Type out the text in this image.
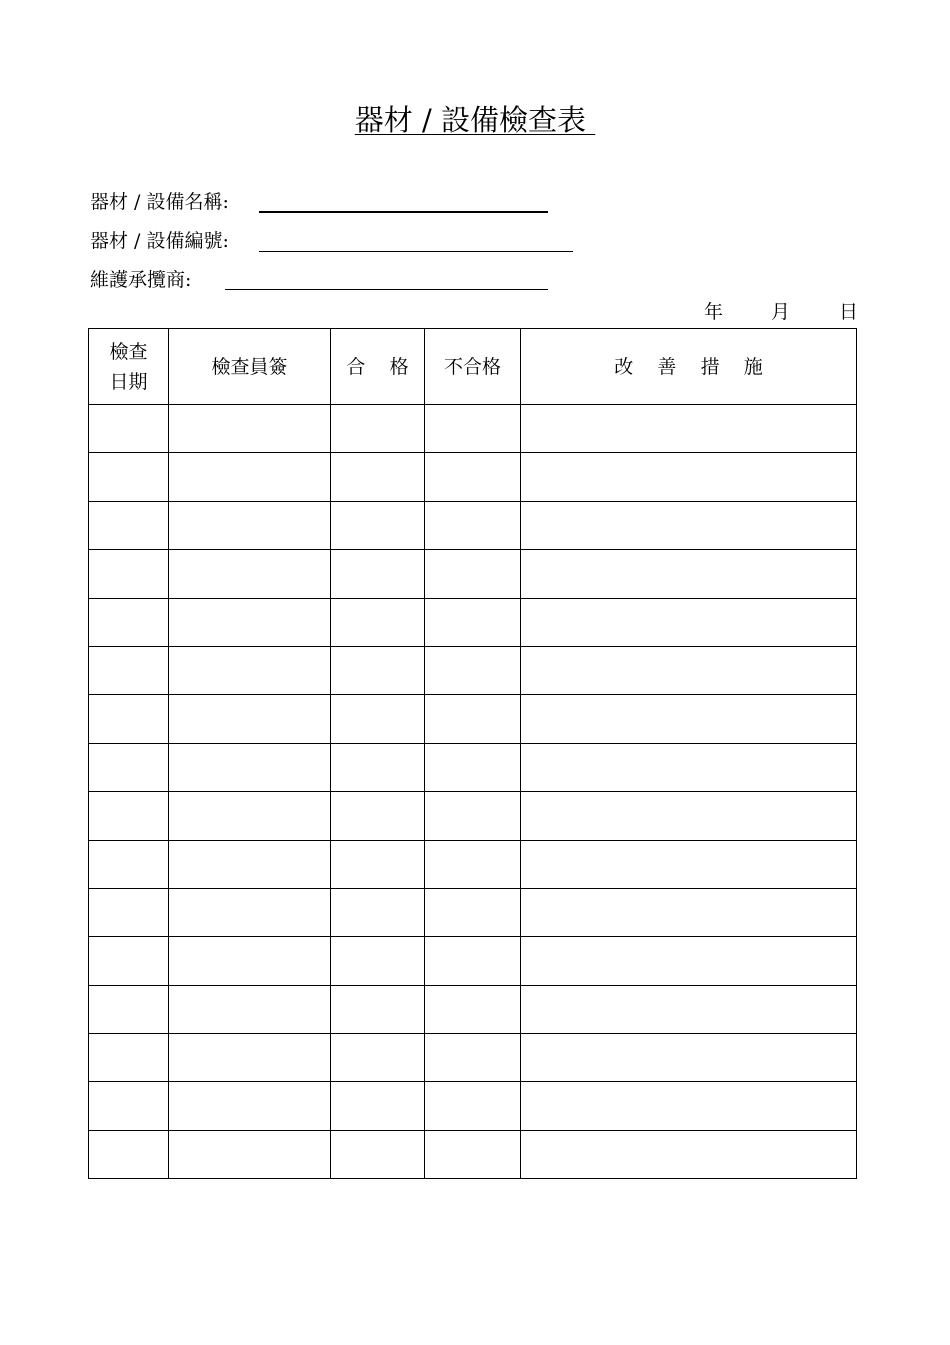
器材 / 設備檢查表
器材 / 設備名稱:
器材 / 設備編號:
維護承攬商:
年	月	日
檢查
日期	檢查員簽	合    格	不合格	改    善    措    施
